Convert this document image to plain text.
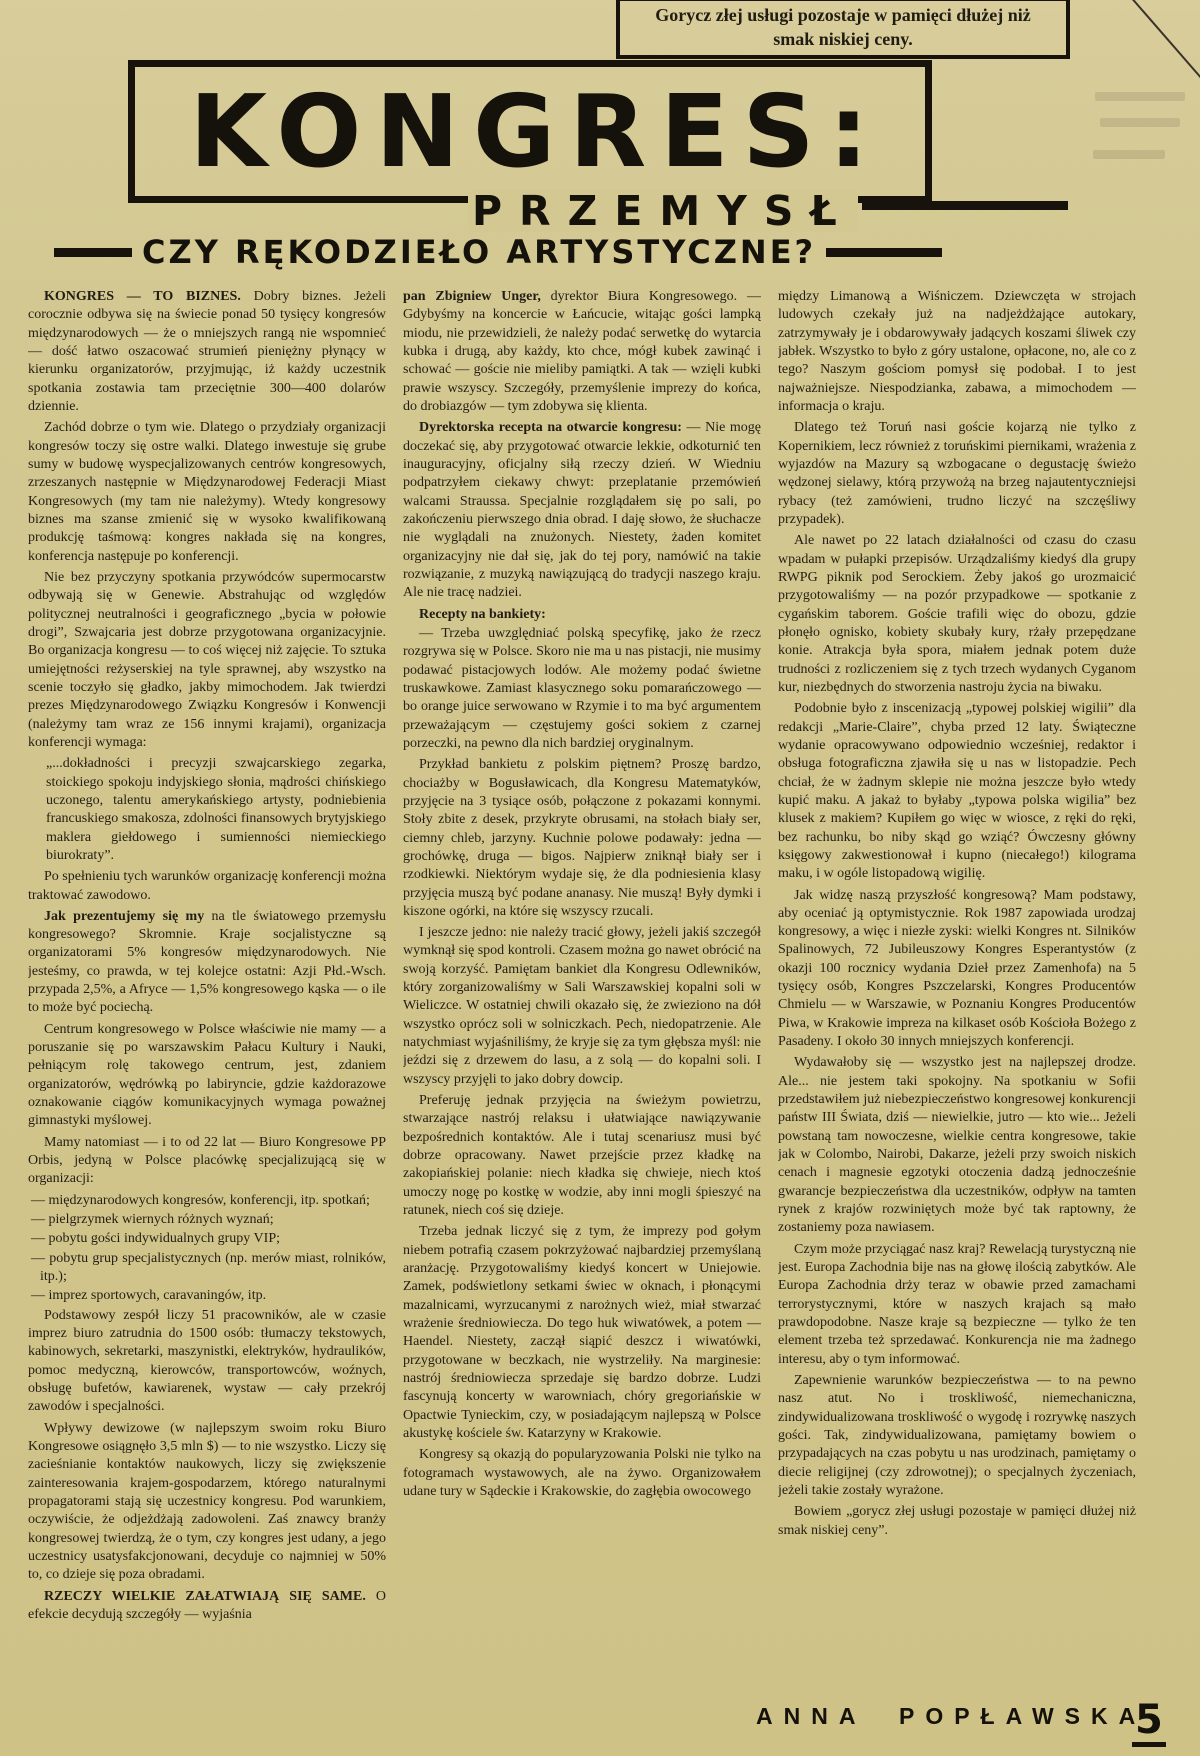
Gorycz złej usługi pozostaje w pamięci dłużej niż smak niskiej ceny.
KONGRES:
PRZEMYSŁ
CZY RĘKODZIEŁO ARTYSTYCZNE?

KONGRES — TO BIZNES. Dobry biznes. Jeżeli corocznie odbywa się na świecie ponad 50 tysięcy kongresów międzynarodowych — że o mniejszych rangą nie wspomnieć — dość łatwo oszacować strumień pieniężny płynący w kierunku organizatorów, przyjmując, iż każdy uczestnik spotkania zostawia tam przeciętnie 300—400 dolarów dziennie.

Zachód dobrze o tym wie. Dlatego o przydziały organizacji kongresów toczy się ostre walki. Dlatego inwestuje się grube sumy w budowę wyspecjalizowanych centrów kongresowych, zrzeszanych następnie w Międzynarodowej Federacji Miast Kongresowych (my tam nie należymy). Wtedy kongresowy biznes ma szanse zmienić się w wysoko kwalifikowaną produkcję taśmową: kongres nakłada się na kongres, konferencja następuje po konferencji.

Nie bez przyczyny spotkania przywódców supermocarstw odbywają się w Genewie. Abstrahując od względów politycznej neutralności i geograficznego „bycia w połowie drogi”, Szwajcaria jest dobrze przygotowana organizacyjnie. Bo organizacja kongresu — to coś więcej niż zajęcie. To sztuka umiejętności reżyserskiej na tyle sprawnej, aby wszystko na scenie toczyło się gładko, jakby mimochodem. Jak twierdzi prezes Międzynarodowego Związku Kongresów i Konwencji (należymy tam wraz ze 156 innymi krajami), organizacja konferencji wymaga:

„...dokładności i precyzji szwajcarskiego zegarka, stoickiego spokoju indyjskiego słonia, mądrości chińskiego uczonego, talentu amerykańskiego artysty, podniebienia francuskiego smakosza, zdolności finansowych brytyjskiego maklera giełdowego i sumienności niemieckiego biurokraty”.

Po spełnieniu tych warunków organizację konferencji można traktować zawodowo.

Jak prezentujemy się my na tle światowego przemysłu kongresowego? Skromnie. Kraje socjalistyczne są organizatorami 5% kongresów międzynarodowych. Nie jesteśmy, co prawda, w tej kolejce ostatni: Azji Płd.-Wsch. przypada 2,5%, a Afryce — 1,5% kongresowego kąska — o ile to może być pociechą.

Centrum kongresowego w Polsce właściwie nie mamy — a poruszanie się po warszawskim Pałacu Kultury i Nauki, pełniącym rolę takowego centrum, jest, zdaniem organizatorów, wędrówką po labiryncie, gdzie każdorazowe oznakowanie ciągów komunikacyjnych wymaga poważnej gimnastyki myślowej.

Mamy natomiast — i to od 22 lat — Biuro Kongresowe PP Orbis, jedyną w Polsce placówkę specjalizującą się w organizacji:

— międzynarodowych kongresów, konferencji, itp. spotkań;

— pielgrzymek wiernych różnych wyznań;

— pobytu gości indywidualnych grupy VIP;

— pobytu grup specjalistycznych (np. merów miast, rolników, itp.);

— imprez sportowych, caravaningów, itp.

Podstawowy zespół liczy 51 pracowników, ale w czasie imprez biuro zatrudnia do 1500 osób: tłumaczy tekstowych, kabinowych, sekretarki, maszynistki, elektryków, hydraulików, pomoc medyczną, kierowców, transportowców, woźnych, obsługę bufetów, kawiarenek, wystaw — cały przekrój zawodów i specjalności.

Wpływy dewizowe (w najlepszym swoim roku Biuro Kongresowe osiągnęło 3,5 mln $) — to nie wszystko. Liczy się zacieśnianie kontaktów naukowych, liczy się zwiększenie zainteresowania krajem-gospodarzem, którego naturalnymi propagatorami stają się uczestnicy kongresu. Pod warunkiem, oczywiście, że odjeżdżają zadowoleni. Zaś znawcy branży kongresowej twierdzą, że o tym, czy kongres jest udany, a jego uczestnicy usatysfakcjonowani, decyduje co najmniej w 50% to, co dzieje się poza obradami.

RZECZY WIELKIE ZAŁATWIAJĄ SIĘ SAME. O efekcie decydują szczegóły — wyjaśnia

pan Zbigniew Unger, dyrektor Biura Kongresowego. — Gdybyśmy na koncercie w Łańcucie, witając gości lampką miodu, nie przewidzieli, że należy podać serwetkę do wytarcia kubka i drugą, aby każdy, kto chce, mógł kubek zawinąć i schować — goście nie mieliby pamiątki. A tak — wzięli kubki prawie wszyscy. Szczegóły, przemyślenie imprezy do końca, do drobiazgów — tym zdobywa się klienta.

Dyrektorska recepta na otwarcie kongresu: — Nie mogę doczekać się, aby przygotować otwarcie lekkie, odkoturnić ten inauguracyjny, oficjalny siłą rzeczy dzień. W Wiedniu podpatrzyłem ciekawy chwyt: przeplatanie przemówień walcami Straussa. Specjalnie rozglądałem się po sali, po zakończeniu pierwszego dnia obrad. I daję słowo, że słuchacze nie wyglądali na znużonych. Niestety, żaden komitet organizacyjny nie dał się, jak do tej pory, namówić na takie rozwiązanie, z muzyką nawiązującą do tradycji naszego kraju. Ale nie tracę nadziei.

Recepty na bankiety:

— Trzeba uwzględniać polską specyfikę, jako że rzecz rozgrywa się w Polsce. Skoro nie ma u nas pistacji, nie musimy podawać pistacjowych lodów. Ale możemy podać świetne truskawkowe. Zamiast klasycznego soku pomarańczowego — bo orange juice serwowano w Rzymie i to ma być argumentem przeważającym — częstujemy gości sokiem z czarnej porzeczki, na pewno dla nich bardziej oryginalnym.

Przykład bankietu z polskim piętnem? Proszę bardzo, chociażby w Bogusławicach, dla Kongresu Matematyków, przyjęcie na 3 tysiące osób, połączone z pokazami konnymi. Stoły zbite z desek, przykryte obrusami, na stołach biały ser, ciemny chleb, jarzyny. Kuchnie polowe podawały: jedna — grochówkę, druga — bigos. Najpierw zniknął biały ser i rzodkiewki. Niektórym wydaje się, że dla podniesienia klasy przyjęcia muszą być podane ananasy. Nie muszą! Były dymki i kiszone ogórki, na które się wszyscy rzucali.

I jeszcze jedno: nie należy tracić głowy, jeżeli jakiś szczegół wymknął się spod kontroli. Czasem można go nawet obrócić na swoją korzyść. Pamiętam bankiet dla Kongresu Odlewników, który zorganizowaliśmy w Sali Warszawskiej kopalni soli w Wieliczce. W ostatniej chwili okazało się, że zwieziono na dół wszystko oprócz soli w solniczkach. Pech, niedopatrzenie. Ale natychmiast wyjaśniliśmy, że kryje się za tym głębsza myśl: nie jeździ się z drzewem do lasu, a z solą — do kopalni soli. I wszyscy przyjęli to jako dobry dowcip.

Preferuję jednak przyjęcia na świeżym powietrzu, stwarzające nastrój relaksu i ułatwiające nawiązywanie bezpośrednich kontaktów. Ale i tutaj scenariusz musi być dobrze opracowany. Nawet przejście przez kładkę na zakopiańskiej polanie: niech kładka się chwieje, niech ktoś umoczy nogę po kostkę w wodzie, aby inni mogli śpieszyć na ratunek, niech coś się dzieje.

Trzeba jednak liczyć się z tym, że imprezy pod gołym niebem potrafią czasem pokrzyżować najbardziej przemyślaną aranżację. Przygotowaliśmy kiedyś koncert w Uniejowie. Zamek, podświetlony setkami świec w oknach, i płonącymi mazalnicami, wyrzucanymi z narożnych wież, miał stwarzać wrażenie średniowiecza. Do tego huk wiwatówek, a potem — Haendel. Niestety, zaczął siąpić deszcz i wiwatówki, przygotowane w beczkach, nie wystrzeliły. Na marginesie: nastrój średniowiecza sprzedaje się bardzo dobrze. Ludzi fascynują koncerty w warowniach, chóry gregoriańskie w Opactwie Tynieckim, czy, w posiadającym najlepszą w Polsce akustykę kościele św. Katarzyny w Krakowie.

Kongresy są okazją do popularyzowania Polski nie tylko na fotogramach wystawowych, ale na żywo. Organizowałem udane tury w Sądeckie i Krakowskie, do zagłębia owocowego

między Limanową a Wiśniczem. Dziewczęta w strojach ludowych czekały już na nadjeżdżające autokary, zatrzymywały je i obdarowywały jadących koszami śliwek czy jabłek. Wszystko to było z góry ustalone, opłacone, no, ale co z tego? Naszym gościom pomysł się podobał. I to jest najważniejsze. Niespodzianka, zabawa, a mimochodem — informacja o kraju.

Dlatego też Toruń nasi goście kojarzą nie tylko z Kopernikiem, lecz również z toruńskimi piernikami, wrażenia z wyjazdów na Mazury są wzbogacane o degustację świeżo wędzonej sielawy, którą przywożą na brzeg najautentyczniejsi rybacy (też zamówieni, trudno liczyć na szczęśliwy przypadek).

Ale nawet po 22 latach działalności od czasu do czasu wpadam w pułapki przepisów. Urządzaliśmy kiedyś dla grupy RWPG piknik pod Serockiem. Żeby jakoś go urozmaicić przygotowaliśmy — na pozór przypadkowe — spotkanie z cygańskim taborem. Goście trafili więc do obozu, gdzie płonęło ognisko, kobiety skubały kury, rżały przepędzane konie. Atrakcja była spora, miałem jednak potem duże trudności z rozliczeniem się z tych trzech wydanych Cyganom kur, niezbędnych do stworzenia nastroju życia na biwaku.

Podobnie było z inscenizacją „typowej polskiej wigilii” dla redakcji „Marie-Claire”, chyba przed 12 laty. Świąteczne wydanie opracowywano odpowiednio wcześniej, redaktor i obsługa fotograficzna zjawiła się u nas w listopadzie. Pech chciał, że w żadnym sklepie nie można jeszcze było wtedy kupić maku. A jakaż to byłaby „typowa polska wigilia” bez klusek z makiem? Kupiłem go więc w wiosce, z ręki do ręki, bez rachunku, bo niby skąd go wziąć? Ówczesny główny księgowy zakwestionował i kupno (niecałego!) kilograma maku, i w ogóle listopadową wigilię.

Jak widzę naszą przyszłość kongresową? Mam podstawy, aby oceniać ją optymistycznie. Rok 1987 zapowiada urodzaj kongresowy, a więc i niezłe zyski: wielki Kongres nt. Silników Spalinowych, 72 Jubileuszowy Kongres Esperantystów (z okazji 100 rocznicy wydania Dzieł przez Zamenhofa) na 5 tysięcy osób, Kongres Pszczelarski, Kongres Producentów Chmielu — w Warszawie, w Poznaniu Kongres Producentów Piwa, w Krakowie impreza na kilkaset osób Kościoła Bożego z Pasadeny. I około 30 innych mniejszych konferencji.

Wydawałoby się — wszystko jest na najlepszej drodze. Ale... nie jestem taki spokojny. Na spotkaniu w Sofii przedstawiłem już niebezpieczeństwo kongresowej konkurencji państw III Świata, dziś — niewielkie, jutro — kto wie... Jeżeli powstaną tam nowoczesne, wielkie centra kongresowe, takie jak w Colombo, Nairobi, Dakarze, jeżeli przy swoich niskich cenach i magnesie egzotyki otoczenia dadzą jednocześnie gwarancje bezpieczeństwa dla uczestników, odpływ na tamten rynek z krajów rozwiniętych może być tak raptowny, że zostaniemy poza nawiasem.

Czym może przyciągać nasz kraj? Rewelacją turystyczną nie jest. Europa Zachodnia bije nas na głowę ilością zabytków. Ale Europa Zachodnia drży teraz w obawie przed zamachami terrorystycznymi, które w naszych krajach są mało prawdopodobne. Nasze kraje są bezpieczne — tylko że ten element trzeba też sprzedawać. Konkurencja nie ma żadnego interesu, aby o tym informować.

Zapewnienie warunków bezpieczeństwa — to na pewno nasz atut. No i troskliwość, niemechaniczna, zindywidualizowana troskliwość o wygodę i rozrywkę naszych gości. Tak, zindywidualizowana, pamiętamy bowiem o przypadających na czas pobytu u nas urodzinach, pamiętamy o diecie religijnej (czy zdrowotnej); o specjalnych życzeniach, jeżeli takie zostały wyrażone.

Bowiem „gorycz złej usługi pozostaje w pamięci dłużej niż smak niskiej ceny”.

ANNA POPŁAWSKA
5
